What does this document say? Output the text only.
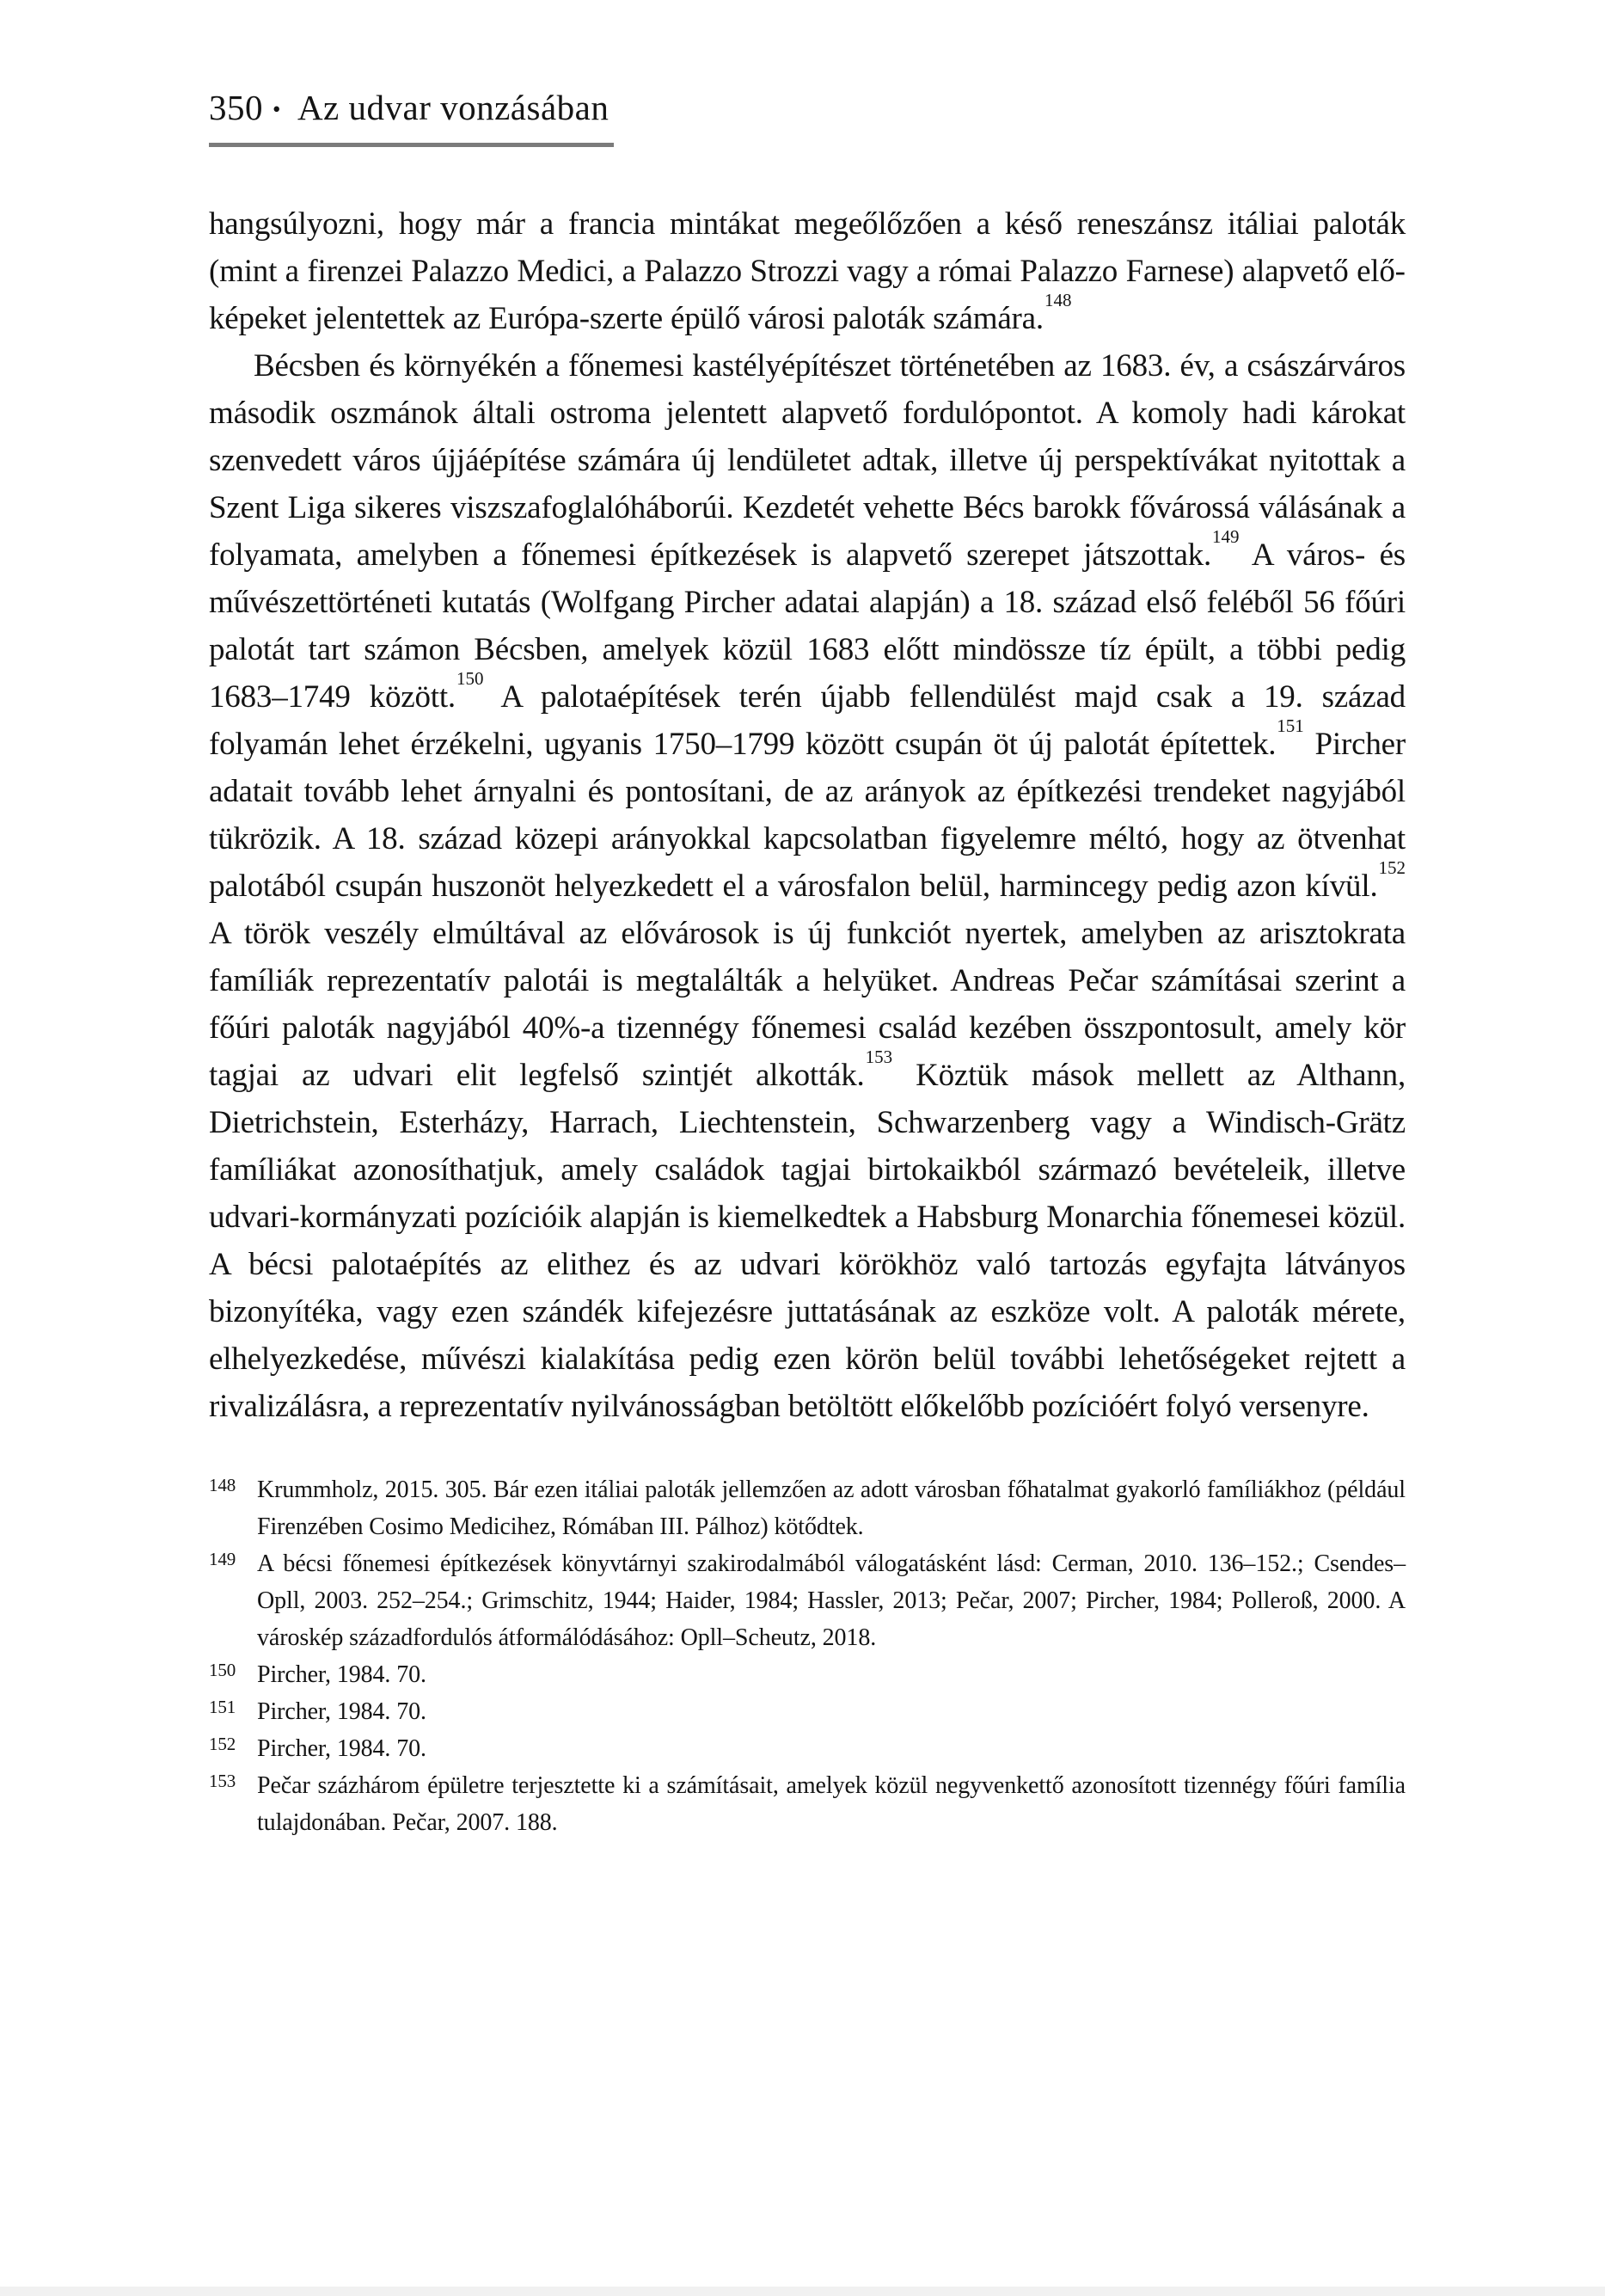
350 • Az udvar vonzásában

hangsúlyozni, hogy már a francia mintákat megeőlőzően a késő reneszánsz itáliai paloták (mint a firenzei Palazzo Medici, a Palazzo Strozzi vagy a római Palazzo Farnese) alapvető előképeket jelentettek az Európa-szerte épülő városi paloták számára.$^{148}$

Bécsben és környékén a főnemesi kastélyépítészet történetében az 1683. év, a császárváros második oszmánok általi ostroma jelentett alapvető fordulópontot. A komoly hadi károkat szenvedett város újjáépítése számára új lendületet adtak, illetve új perspektívákat nyitottak a Szent Liga sikeres viszszafoglalóháborúi. Kezdetét vehette Bécs barokk fővárossá válásának a folyamata, amelyben a főnemesi építkezések is alapvető szerepet játszottak.$^{149}$ A város- és művészettörténeti kutatás (Wolfgang Pircher adatai alapján) a 18. század első feléből 56 főúri palotát tart számon Bécsben, amelyek közül 1683 előtt mindössze tíz épült, a többi pedig 1683–1749 között.$^{150}$ A palotaépítések terén újabb fellendülést majd csak a 19. század folyamán lehet érzékelni, ugyanis 1750–1799 között csupán öt új palotát építettek.$^{151}$ Pircher adatait tovább lehet árnyalni és pontosítani, de az arányok az építkezési trendeket nagyjából tükrözik. A 18. század közepi arányokkal kapcsolatban figyelemre méltó, hogy az ötvenhat palotából csupán huszonöt helyezkedett el a városfalon belül, harmincegy pedig azon kívül.$^{152}$ A török veszély elmúltával az elővárosok is új funkciót nyertek, amelyben az arisztokrata famíliák reprezentatív palotái is megtalálták a helyüket. Andreas Pečar számításai szerint a főúri paloták nagyjából 40%-a tizennégy főnemesi család kezében összpontosult, amely kör tagjai az udvari elit legfelső szintjét alkották.$^{153}$ Köztük mások mellett az Althann, Dietrichstein, Esterházy, Harrach, Liechtenstein, Schwarzenberg vagy a Windisch-Grätz famíliákat azonosíthatjuk, amely családok tagjai birtokaikból származó bevételeik, illetve udvari-kormányzati pozícióik alapján is kiemelkedtek a Habsburg Monarchia főnemesei közül. A bécsi palotaépítés az elithez és az udvari körökhöz való tartozás egyfajta látványos bizonyítéka, vagy ezen szándék kifejezésre juttatásának az eszköze volt. A paloták mérete, elhelyezkedése, művészi kialakítása pedig ezen körön belül további lehetőségeket rejtett a rivalizálásra, a reprezentatív nyilvánosságban betöltött előkelőbb pozícióért folyó versenyre.

148 Krummholz, 2015. 305. Bár ezen itáliai paloták jellemzően az adott városban főhatalmat gyakorló famíliákhoz (például Firenzében Cosimo Medicihez, Rómában III. Pálhoz) kötődtek.
149 A bécsi főnemesi építkezések könyvtárnyi szakirodalmából válogatásként lásd: Cerman, 2010. 136–152.; Csendes–Opll, 2003. 252–254.; Grimschitz, 1944; Haider, 1984; Hassler, 2013; Pečar, 2007; Pircher, 1984; Polleroß, 2000. A városkép századfordulós átformálódásához: Opll–Scheutz, 2018.
150 Pircher, 1984. 70.
151 Pircher, 1984. 70.
152 Pircher, 1984. 70.
153 Pečar százhárom épületre terjesztette ki a számításait, amelyek közül negyvenkettő azonosított tizennégy főúri família tulajdonában. Pečar, 2007. 188.
